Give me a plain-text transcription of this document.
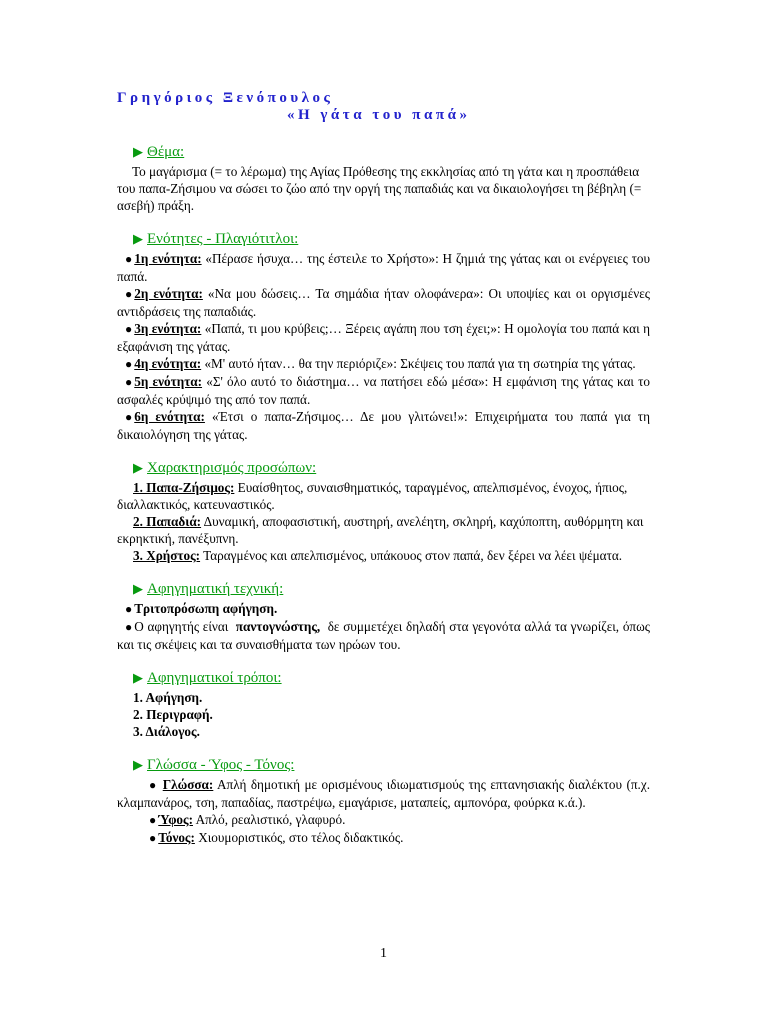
Γρηγόριος Ξενόπουλος
«Η γάτα του παπά»
▶ Θέμα:

Το μαγάρισμα (= το λέρωμα) της Αγίας Πρόθεσης της εκκλησίας από τη γάτα και η προσπάθεια του παπα-Ζήσιμου να σώσει το ζώο από την οργή της παπαδιάς και να δικαιολογήσει τη βέβηλη (= ασεβή) πράξη.

▶ Ενότητες - Πλαγιότιτλοι:

● 1η ενότητα: «Πέρασε ήσυχα… της έστειλε το Χρήστο»: Η ζημιά της γάτας και οι ενέργειες του παπά.

● 2η ενότητα: «Να μου δώσεις… Τα σημάδια ήταν ολοφάνερα»: Οι υποψίες και οι οργισμένες αντιδράσεις της παπαδιάς.

● 3η ενότητα: «Παπά, τι μου κρύβεις;… Ξέρεις αγάπη που τση έχει;»: Η ομολογία του παπά και η εξαφάνιση της γάτας.

● 4η ενότητα: «Μ' αυτό ήταν… θα την περιόριζε»: Σκέψεις του παπά για τη σωτηρία της γάτας.

● 5η ενότητα: «Σ' όλο αυτό το διάστημα… να πατήσει εδώ μέσα»: Η εμφάνιση της γάτας και το ασφαλές κρύψιμό της από τον παπά.

● 6η ενότητα: «Έτσι ο παπα-Ζήσιμος… Δε μου γλιτώνει!»: Επιχειρήματα του παπά για τη δικαιολόγηση της γάτας.

▶ Χαρακτηρισμός προσώπων:

1. Παπα-Ζήσιμος: Ευαίσθητος, συναισθηματικός, ταραγμένος, απελπισμένος, ένοχος, ήπιος, διαλλακτικός, κατευναστικός.

2. Παπαδιά: Δυναμική, αποφασιστική, αυστηρή, ανελέητη, σκληρή, καχύποπτη, αυθόρμητη και εκρηκτική, πανέξυπνη.

3. Χρήστος: Ταραγμένος και απελπισμένος, υπάκουος στον παπά, δεν ξέρει να λέει ψέματα.

▶ Αφηγηματική τεχνική:

● Τριτοπρόσωπη αφήγηση.

● Ο αφηγητής είναι παντογνώστης, δε συμμετέχει δηλαδή στα γεγονότα αλλά τα γνωρίζει, όπως και τις σκέψεις και τα συναισθήματα των ηρώων του.

▶ Αφηγηματικοί τρόποι:

1. Αφήγηση.

2. Περιγραφή.

3. Διάλογος.

▶ Γλώσσα - Ύφος - Τόνος:

● Γλώσσα: Απλή δημοτική με ορισμένους ιδιωματισμούς της επτανησιακής διαλέκτου (π.χ. κλαμπανάρος, τση, παπαδίας, παστρέψω, εμαγάρισε, ματαπείς, αμπονόρα, φούρκα κ.ά.).

● Ύφος: Απλό, ρεαλιστικό, γλαφυρό.

● Τόνος: Χιουμοριστικός, στο τέλος διδακτικός.

1
